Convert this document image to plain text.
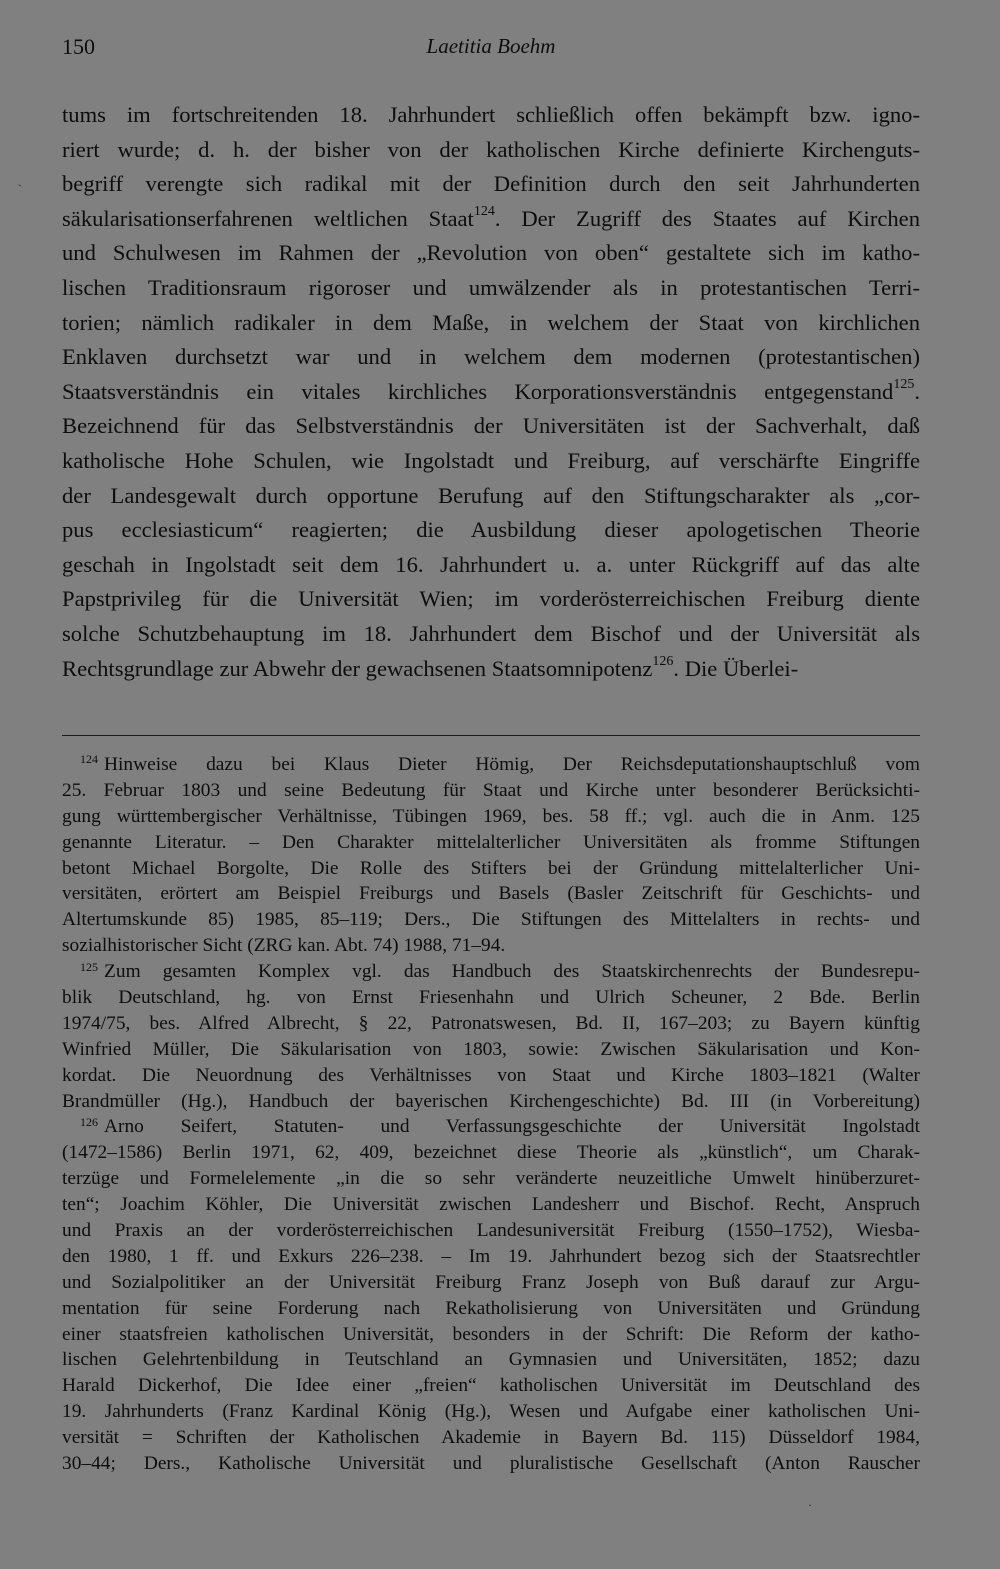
150	Laetitia Boehm
`
tums im fortschreitenden 18. Jahrhundert schließlich offen bekämpft bzw. igno-
riert wurde; d. h. der bisher von der katholischen Kirche definierte Kirchenguts-
begriff verengte sich radikal mit der Definition durch den seit Jahrhunderten
säkularisationserfahrenen weltlichen Staat$^{124}$. Der Zugriff des Staates auf Kirchen
und Schulwesen im Rahmen der „Revolution von oben“ gestaltete sich im katho-
lischen Traditionsraum rigoroser und umwälzender als in protestantischen Terri-
torien; nämlich radikaler in dem Maße, in welchem der Staat von kirchlichen
Enklaven durchsetzt war und in welchem dem modernen (protestantischen)
Staatsverständnis ein vitales kirchliches Korporationsverständnis entgegenstand$^{125}$.
Bezeichnend für das Selbstverständnis der Universitäten ist der Sachverhalt, daß
katholische Hohe Schulen, wie Ingolstadt und Freiburg, auf verschärfte Eingriffe
der Landesgewalt durch opportune Berufung auf den Stiftungscharakter als „cor-
pus ecclesiasticum“ reagierten; die Ausbildung dieser apologetischen Theorie
geschah in Ingolstadt seit dem 16. Jahrhundert u. a. unter Rückgriff auf das alte
Papstprivileg für die Universität Wien; im vorderösterreichischen Freiburg diente
solche Schutzbehauptung im 18. Jahrhundert dem Bischof und der Universität als
Rechtsgrundlage zur Abwehr der gewachsenen Staatsomnipotenz$^{126}$. Die Überlei-
$^{124}$ Hinweise dazu bei Klaus Dieter Hömig, Der Reichsdeputationshauptschluß vom
25. Februar 1803 und seine Bedeutung für Staat und Kirche unter besonderer Berücksichti-
gung württembergischer Verhältnisse, Tübingen 1969, bes. 58 ff.; vgl. auch die in Anm. 125
genannte Literatur. – Den Charakter mittelalterlicher Universitäten als fromme Stiftungen
betont Michael Borgolte, Die Rolle des Stifters bei der Gründung mittelalterlicher Uni-
versitäten, erörtert am Beispiel Freiburgs und Basels (Basler Zeitschrift für Geschichts- und
Altertumskunde 85) 1985, 85–119; Ders., Die Stiftungen des Mittelalters in rechts- und
sozialhistorischer Sicht (ZRG kan. Abt. 74) 1988, 71–94.
$^{125}$ Zum gesamten Komplex vgl. das Handbuch des Staatskirchenrechts der Bundesrepu-
blik Deutschland, hg. von Ernst Friesenhahn und Ulrich Scheuner, 2 Bde. Berlin
1974/75, bes. Alfred Albrecht, § 22, Patronatswesen, Bd. II, 167–203; zu Bayern künftig
Winfried Müller, Die Säkularisation von 1803, sowie: Zwischen Säkularisation und Kon-
kordat. Die Neuordnung des Verhältnisses von Staat und Kirche 1803–1821 (Walter
Brandmüller (Hg.), Handbuch der bayerischen Kirchengeschichte) Bd. III (in Vorbereitung)
$^{126}$ Arno Seifert, Statuten- und Verfassungsgeschichte der Universität Ingolstadt
(1472–1586) Berlin 1971, 62, 409, bezeichnet diese Theorie als „künstlich“, um Charak-
terzüge und Formelelemente „in die so sehr veränderte neuzeitliche Umwelt hinüberzuret-
ten“; Joachim Köhler, Die Universität zwischen Landesherr und Bischof. Recht, Anspruch
und Praxis an der vorderösterreichischen Landesuniversität Freiburg (1550–1752), Wiesba-
den 1980, 1 ff. und Exkurs 226–238. – Im 19. Jahrhundert bezog sich der Staatsrechtler
und Sozialpolitiker an der Universität Freiburg Franz Joseph von Buß darauf zur Argu-
mentation für seine Forderung nach Rekatholisierung von Universitäten und Gründung
einer staatsfreien katholischen Universität, besonders in der Schrift: Die Reform der katho-
lischen Gelehrtenbildung in Teutschland an Gymnasien und Universitäten, 1852; dazu
Harald Dickerhof, Die Idee einer „freien“ katholischen Universität im Deutschland des
19. Jahrhunderts (Franz Kardinal König (Hg.), Wesen und Aufgabe einer katholischen Uni-
versität = Schriften der Katholischen Akademie in Bayern Bd. 115) Düsseldorf 1984,
30–44; Ders., Katholische Universität und pluralistische Gesellschaft (Anton Rauscher
·
